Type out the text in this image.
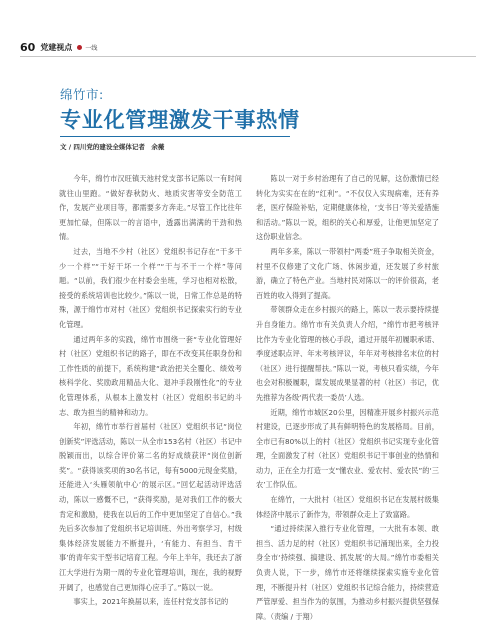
60 党建视点 一线
绵竹市:
专业化管理激发干事热情
文 / 四川党的建设全媒体记者　余薇

今年，绵竹市汉旺镇天池村党支部书记陈以一有时间就往山里跑。“做好春秋防火、地质灾害等安全防范工作，发展产业项目等，都需要多方奔走。”尽管工作比往年更加忙碌，但陈以一的言语中，透露出满满的干劲和热情。

过去，当地不少村（社区）党组织书记存在“干多干少一个样”“干好干坏一个样”“干与不干一个样”等问题。“以前，我们很少在村委会坐班，学习也相对松散，接受的系统培训也比较少。”陈以一说，日常工作总是的特殊，源于绵竹市对村（社区）党组织书记探索实行的专业化管理。

通过两年多的实践，绵竹市围绕一套“专业化管理好村（社区）党组织书记的路子，即在不改变其任职身份和工作性质的前提下，系统构建“政治把关全覆化、绩效考核科学化、奖励政用精品大化、退冲手段刚性化”的专业化管理体系，从根本上激发村（社区）党组织书记的斗志、敢为担当的精神和动力。

年初，绵竹市举行首届村（社区）党组织书记“岗位创新奖”评选活动，陈以一从全市153名村（社区）书记中脱颖而出，以综合评价第二名的好成绩获评“岗位创新奖”。“获得该奖项的30名书记，每有5000元现金奖励，还能进入‘头雁领航中心’的展示区。”回忆起活动评选活动，陈以一感慨不已，“获得奖励，是对我们工作的极大肯定和激励，使我在以后的工作中更加坚定了自信心。”我先后多次参加了党组织书记培训班、外出考察学习，村级集体经济发展能力不断提升，‘有能力、有担当、肯干事’的青年实干型书记培育工程。今年上半年，我还去了浙江大学进行为期一周的专业化管理培训，现在，我的视野开阔了，也感觉自己更加得心应手了。”陈以一说。

事实上，2021年换届以来，连任村党支部书记的

陈以一对于乡村治理有了自己的见解，这份激情已经转化为实实在在的“红利”。“不仅仅入实现病难，还有养老，医疗保险补贴，定期健康体检，‘支书日’等关爱措施和活动。”陈以一说，组织的关心和厚爱，让他更加坚定了这份职业信念。

两年多来，陈以一带领村“两委”班子争取相关资金，村里不仅修建了文化广场、休闲步道，还发展了乡村旅游，确立了特色产业。当地村民对陈以一的评价很高，老百姓的收入得到了提高。

带领群众走在乡村振兴的路上，陈以一表示要持续提升自身能力。绵竹市有关负责人介绍，“绵竹市把考核评比作为专业化管理的核心手段，通过开展年初履职承诺、季度述职点评、年末考核评议，年年对考核排名末位的村（社区）进行提醒帮扶。”陈以一说，考核只看实绩，今年也会对积极履职，谋发展成果显著的村（社区）书记，优先推荐为各级‘两代表一委员’人选。

近期，绵竹市城区20公里，因精准开展乡村振兴示范村建设，已逐步形成了具有鲜明特色的发展格局。目前，全市已有80%以上的村（社区）党组织书记实现专业化管理，全面激发了村（社区）党组织书记干事创业的热情和动力，正在全力打造一支“懂农业、爱农村、爱农民”的‘三农’工作队伍。

在绵竹，一大批村（社区）党组织书记在发展村级集体经济中展示了新作为，带领群众走上了致富路。

“通过持续深入推行专业化管理，一大批有本领、敢担当、活力足的村（社区）党组织书记涌现出来，全力投身全市‘持续强、搞建设、抓发展’的大局。”绵竹市委相关负责人说，下一步，绵竹市还将继续探索实施专业化管理，不断提升村（社区）党组织书记综合能力，持续营造严管厚爱、担当作为的氛围，为推动乡村振兴提供坚强保障。（责编 / 于翔）
